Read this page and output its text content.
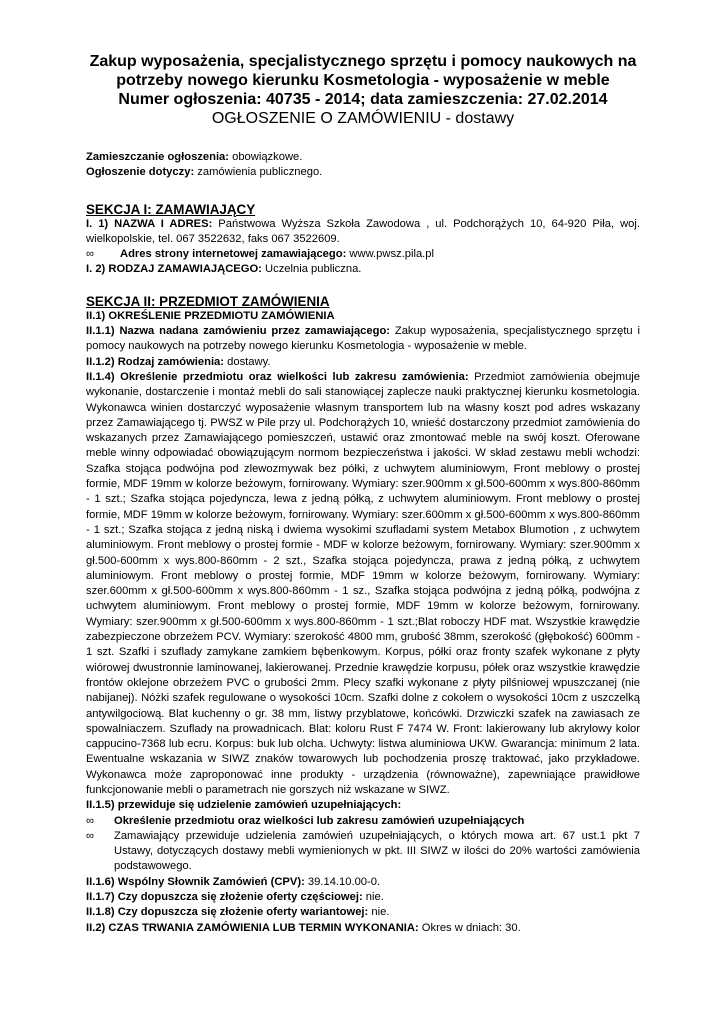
Zakup wyposażenia, specjalistycznego sprzętu i pomocy naukowych na potrzeby nowego kierunku Kosmetologia - wyposażenie w meble
Numer ogłoszenia: 40735 - 2014; data zamieszczenia: 27.02.2014
OGŁOSZENIE O ZAMÓWIENIU - dostawy

Zamieszczanie ogłoszenia: obowiązkowe.

Ogłoszenie dotyczy: zamówienia publicznego.

SEKCJA I: ZAMAWIAJĄCY

I. 1) NAZWA I ADRES: Państwowa Wyższa Szkoła Zawodowa , ul. Podchorążych 10, 64-920 Piła, woj. wielkopolskie, tel. 067 3522632, faks 067 3522609.

∞ Adres strony internetowej zamawiającego: www.pwsz.pila.pl

I. 2) RODZAJ ZAMAWIAJĄCEGO: Uczelnia publiczna.

SEKCJA II: PRZEDMIOT ZAMÓWIENIA

II.1) OKREŚLENIE PRZEDMIOTU ZAMÓWIENIA

II.1.1) Nazwa nadana zamówieniu przez zamawiającego: Zakup wyposażenia, specjalistycznego sprzętu i pomocy naukowych na potrzeby nowego kierunku Kosmetologia - wyposażenie w meble.

II.1.2) Rodzaj zamówienia: dostawy.

II.1.4) Określenie przedmiotu oraz wielkości lub zakresu zamówienia: Przedmiot zamówienia obejmuje wykonanie, dostarczenie i montaż mebli do sali stanowiącej zaplecze nauki praktycznej kierunku kosmetologia. Wykonawca winien dostarczyć wyposażenie własnym transportem lub na własny koszt pod adres wskazany przez Zamawiającego tj. PWSZ w Pile przy ul. Podchorążych 10, wnieść dostarczony przedmiot zamówienia do wskazanych przez Zamawiającego pomieszczeń, ustawić oraz zmontować meble na swój koszt. Oferowane meble winny odpowiadać obowiązującym normom bezpieczeństwa i jakości. W skład zestawu mebli wchodzi: Szafka stojąca podwójna pod zlewozmywak bez półki, z uchwytem aluminiowym, Front meblowy o prostej formie, MDF 19mm w kolorze beżowym, fornirowany. Wymiary: szer.900mm x gł.500-600mm x wys.800-860mm - 1 szt.; Szafka stojąca pojedyncza, lewa z jedną półką, z uchwytem aluminiowym. Front meblowy o prostej formie, MDF 19mm w kolorze beżowym, fornirowany. Wymiary: szer.600mm x gł.500-600mm x wys.800-860mm - 1 szt.; Szafka stojąca z jedną niską i dwiema wysokimi szufladami system Metabox Blumotion , z uchwytem aluminiowym. Front meblowy o prostej formie - MDF w kolorze beżowym, fornirowany. Wymiary: szer.900mm x gł.500-600mm x wys.800-860mm - 2 szt., Szafka stojąca pojedyncza, prawa z jedną półką, z uchwytem aluminiowym. Front meblowy o prostej formie, MDF 19mm w kolorze beżowym, fornirowany. Wymiary: szer.600mm x gł.500-600mm x wys.800-860mm - 1 sz., Szafka stojąca podwójna z jedną półką, podwójna z uchwytem aluminiowym. Front meblowy o prostej formie, MDF 19mm w kolorze beżowym, fornirowany. Wymiary: szer.900mm x gł.500-600mm x wys.800-860mm - 1 szt.;Blat roboczy HDF mat. Wszystkie krawędzie zabezpieczone obrzeżem PCV. Wymiary: szerokość 4800 mm, grubość 38mm, szerokość (głębokość) 600mm - 1 szt. Szafki i szuflady zamykane zamkiem bębenkowym. Korpus, półki oraz fronty szafek wykonane z płyty wiórowej dwustronnie laminowanej, lakierowanej. Przednie krawędzie korpusu, półek oraz wszystkie krawędzie frontów oklejone obrzeżem PVC o grubości 2mm. Plecy szafki wykonane z płyty pilśniowej wpuszczanej (nie nabijanej). Nóżki szafek regulowane o wysokości 10cm. Szafki dolne z cokołem o wysokości 10cm z uszczelką antywilgociową. Blat kuchenny o gr. 38 mm, listwy przyblatowe, końcówki. Drzwiczki szafek na zawiasach ze spowalniaczem. Szuflady na prowadnicach. Blat: koloru Rust F 7474 W. Front: lakierowany lub akrylowy kolor cappucino-7368 lub ecru. Korpus: buk lub olcha. Uchwyty: listwa aluminiowa UKW. Gwarancja: minimum 2 lata. Ewentualne wskazania w SIWZ znaków towarowych lub pochodzenia proszę traktować, jako przykładowe. Wykonawca może zaproponować inne produkty - urządzenia (równoważne), zapewniające prawidłowe funkcjonowanie mebli o parametrach nie gorszych niż wskazane w SIWZ.

II.1.5) przewiduje się udzielenie zamówień uzupełniających:

∞ Określenie przedmiotu oraz wielkości lub zakresu zamówień uzupełniających

∞ Zamawiający przewiduje udzielenia zamówień uzupełniających, o których mowa art. 67 ust.1 pkt 7 Ustawy, dotyczących dostawy mebli wymienionych w pkt. III SIWZ w ilości do 20% wartości zamówienia podstawowego.

II.1.6) Wspólny Słownik Zamówień (CPV): 39.14.10.00-0.

II.1.7) Czy dopuszcza się złożenie oferty częściowej: nie.

II.1.8) Czy dopuszcza się złożenie oferty wariantowej: nie.

II.2) CZAS TRWANIA ZAMÓWIENIA LUB TERMIN WYKONANIA: Okres w dniach: 30.
